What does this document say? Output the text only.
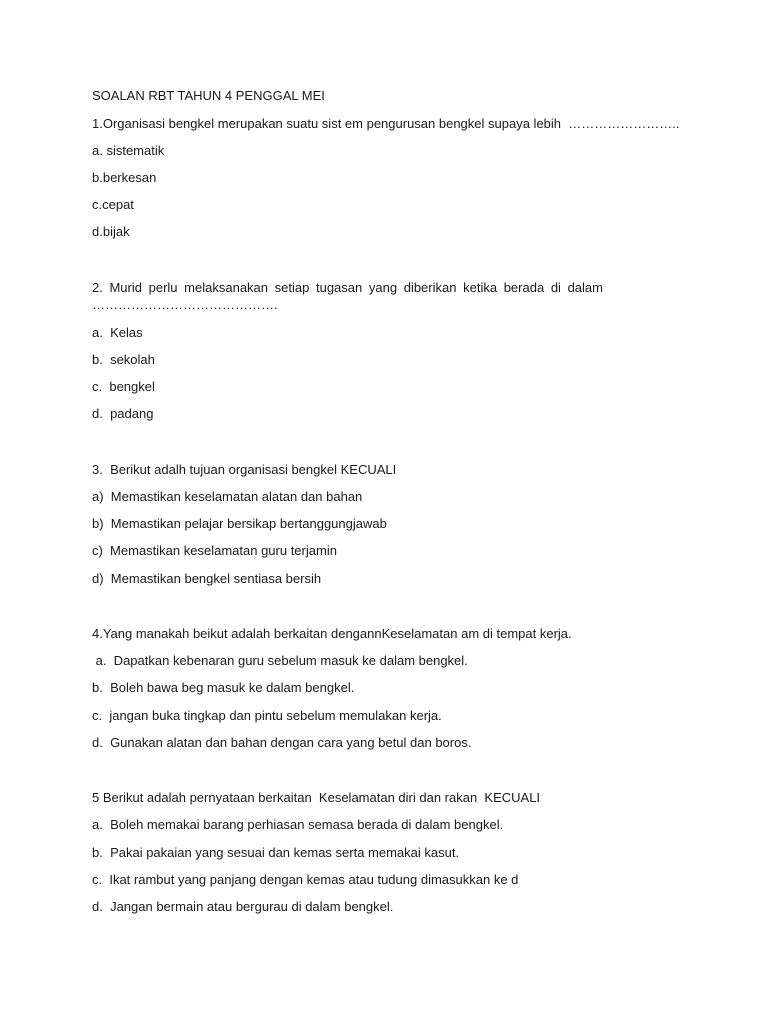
SOALAN RBT TAHUN 4 PENGGAL MEI
1.Organisasi bengkel merupakan suatu sist em pengurusan bengkel supaya lebih  ……………………..
a. sistematik
b.berkesan
c.cepat
d.bijak
2. Murid perlu melaksanakan setiap tugasan yang diberikan ketika berada di dalam
…………………………………….
a.  Kelas
b.  sekolah
c.  bengkel
d.  padang
3.  Berikut adalh tujuan organisasi bengkel KECUALI
a)  Memastikan keselamatan alatan dan bahan
b)  Memastikan pelajar bersikap bertanggungjawab
c)  Memastikan keselamatan guru terjamin
d)  Memastikan bengkel sentiasa bersih
4.Yang manakah beikut adalah berkaitan dengannKeselamatan am di tempat kerja.
a.  Dapatkan kebenaran guru sebelum masuk ke dalam bengkel.
b.  Boleh bawa beg masuk ke dalam bengkel.
c.  jangan buka tingkap dan pintu sebelum memulakan kerja.
d.  Gunakan alatan dan bahan dengan cara yang betul dan boros.
5 Berikut adalah pernyataan berkaitan  Keselamatan diri dan rakan  KECUALI
a.  Boleh memakai barang perhiasan semasa berada di dalam bengkel.
b.  Pakai pakaian yang sesuai dan kemas serta memakai kasut.
c.  Ikat rambut yang panjang dengan kemas atau tudung dimasukkan ke d
d.  Jangan bermain atau bergurau di dalam bengkel.
